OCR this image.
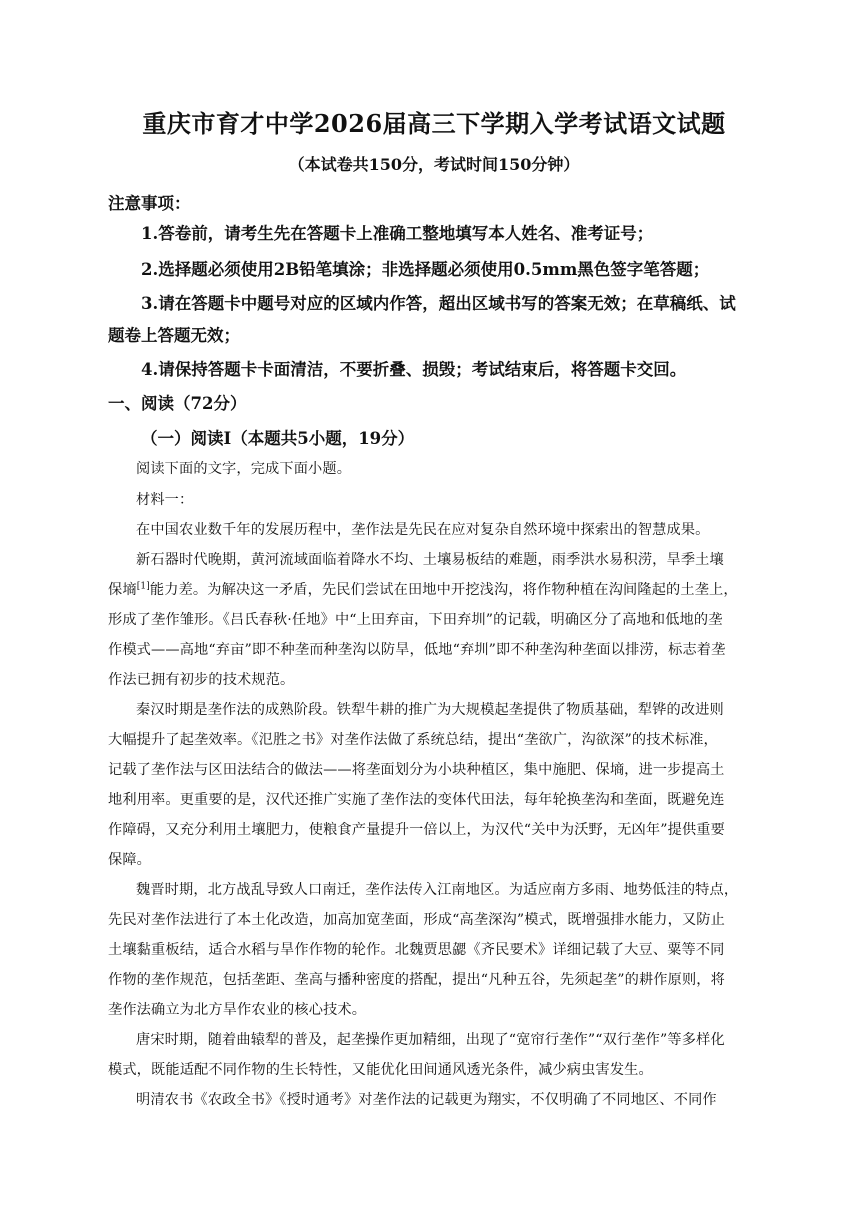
重庆市育才中学2026届高三下学期入学考试语文试题
（本试卷共150分，考试时间150分钟）
注意事项：
1.答卷前，请考生先在答题卡上准确工整地填写本人姓名、准考证号；
2.选择题必须使用2B铅笔填涂；非选择题必须使用0.5mm黑色签字笔答题；
3.请在答题卡中题号对应的区域内作答，超出区域书写的答案无效；在草稿纸、试
题卷上答题无效；
4.请保持答题卡卡面清洁，不要折叠、损毁；考试结束后，将答题卡交回。
一、阅读（72分）
（一）阅读Ⅰ（本题共5小题，19分）
阅读下面的文字，完成下面小题。
材料一：
在中国农业数千年的发展历程中，垄作法是先民在应对复杂自然环境中探索出的智慧成果。
新石器时代晚期，黄河流域面临着降水不均、土壤易板结的难题，雨季洪水易积涝，旱季土壤
保墒[1]能力差。为解决这一矛盾，先民们尝试在田地中开挖浅沟，将作物种植在沟间隆起的土垄上，
形成了垄作雏形。《吕氏春秋·任地》中“上田弃亩，下田弃圳”的记载，明确区分了高地和低地的垄
作模式——高地“弃亩”即不种垄而种垄沟以防旱，低地“弃圳”即不种垄沟种垄面以排涝，标志着垄
作法已拥有初步的技术规范。
秦汉时期是垄作法的成熟阶段。铁犁牛耕的推广为大规模起垄提供了物质基础，犁铧的改进则
大幅提升了起垄效率。《氾胜之书》对垄作法做了系统总结，提出“垄欲广，沟欲深”的技术标准，
记载了垄作法与区田法结合的做法——将垄面划分为小块种植区，集中施肥、保墒，进一步提高土
地利用率。更重要的是，汉代还推广实施了垄作法的变体代田法，每年轮换垄沟和垄面，既避免连
作障碍，又充分利用土壤肥力，使粮食产量提升一倍以上，为汉代“关中为沃野，无凶年”提供重要
保障。
魏晋时期，北方战乱导致人口南迁，垄作法传入江南地区。为适应南方多雨、地势低洼的特点，
先民对垄作法进行了本土化改造，加高加宽垄面，形成“高垄深沟”模式，既增强排水能力，又防止
土壤黏重板结，适合水稻与旱作作物的轮作。北魏贾思勰《齐民要术》详细记载了大豆、粟等不同
作物的垄作规范，包括垄距、垄高与播种密度的搭配，提出“凡种五谷，先须起垄”的耕作原则，将
垄作法确立为北方旱作农业的核心技术。
唐宋时期，随着曲辕犁的普及，起垄操作更加精细，出现了“宽帘行垄作”“双行垄作”等多样化
模式，既能适配不同作物的生长特性，又能优化田间通风透光条件，减少病虫害发生。
明清农书《农政全书》《授时通考》对垄作法的记载更为翔实，不仅明确了不同地区、不同作
